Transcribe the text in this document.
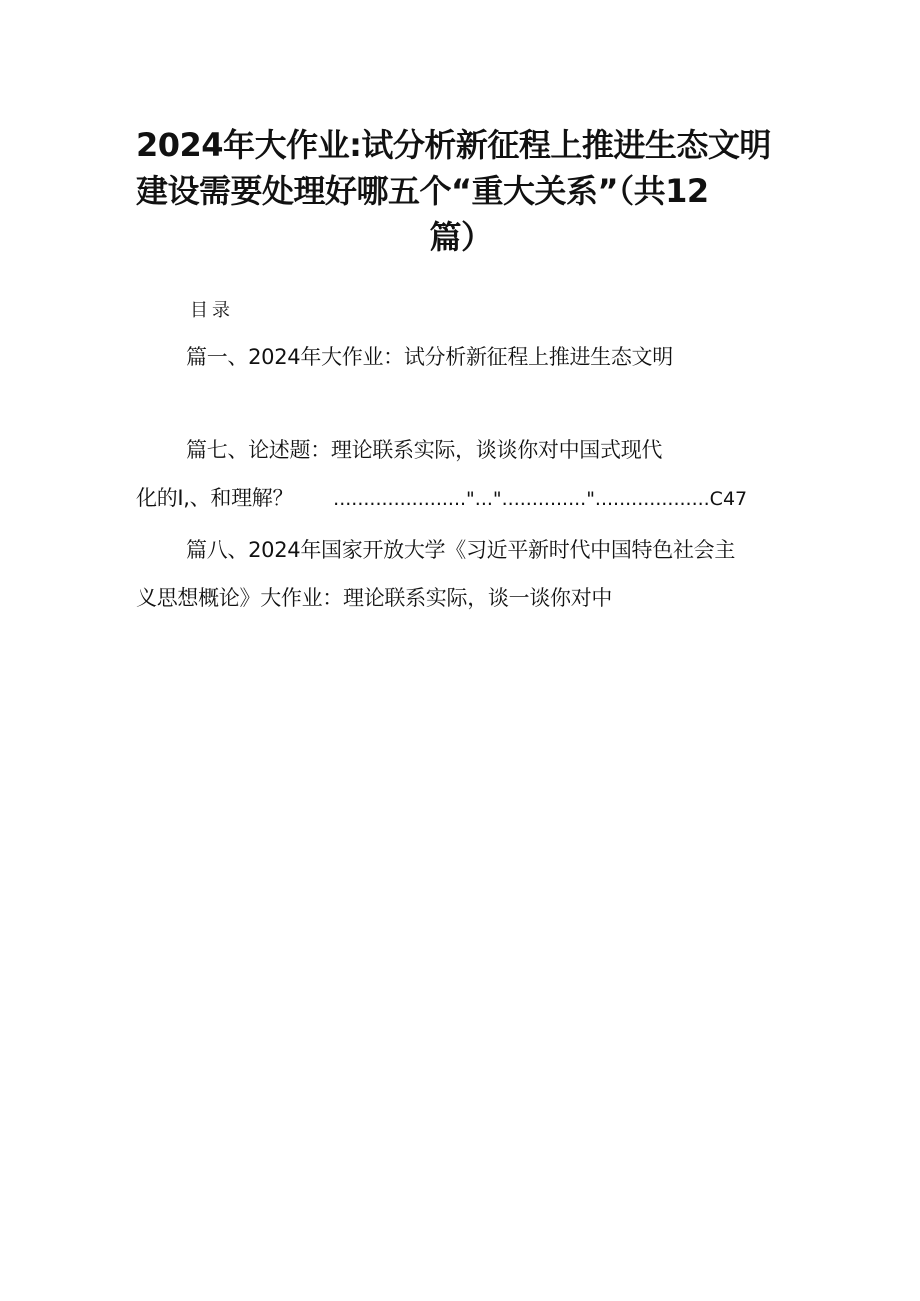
2024年大作业:试分析新征程上推进生态文明
建设需要处理好哪五个“重大关系”（共12
篇）
目录
篇一、2024年大作业：试分析新征程上推进生态文明
篇七、论述题：理论联系实际，谈谈你对中国式现代
化的I,、和理解？ ......................"...".............."...................C47
篇八、2024年国家开放大学《习近平新时代中国特色社会主
义思想概论》大作业：理论联系实际，谈一谈你对中
